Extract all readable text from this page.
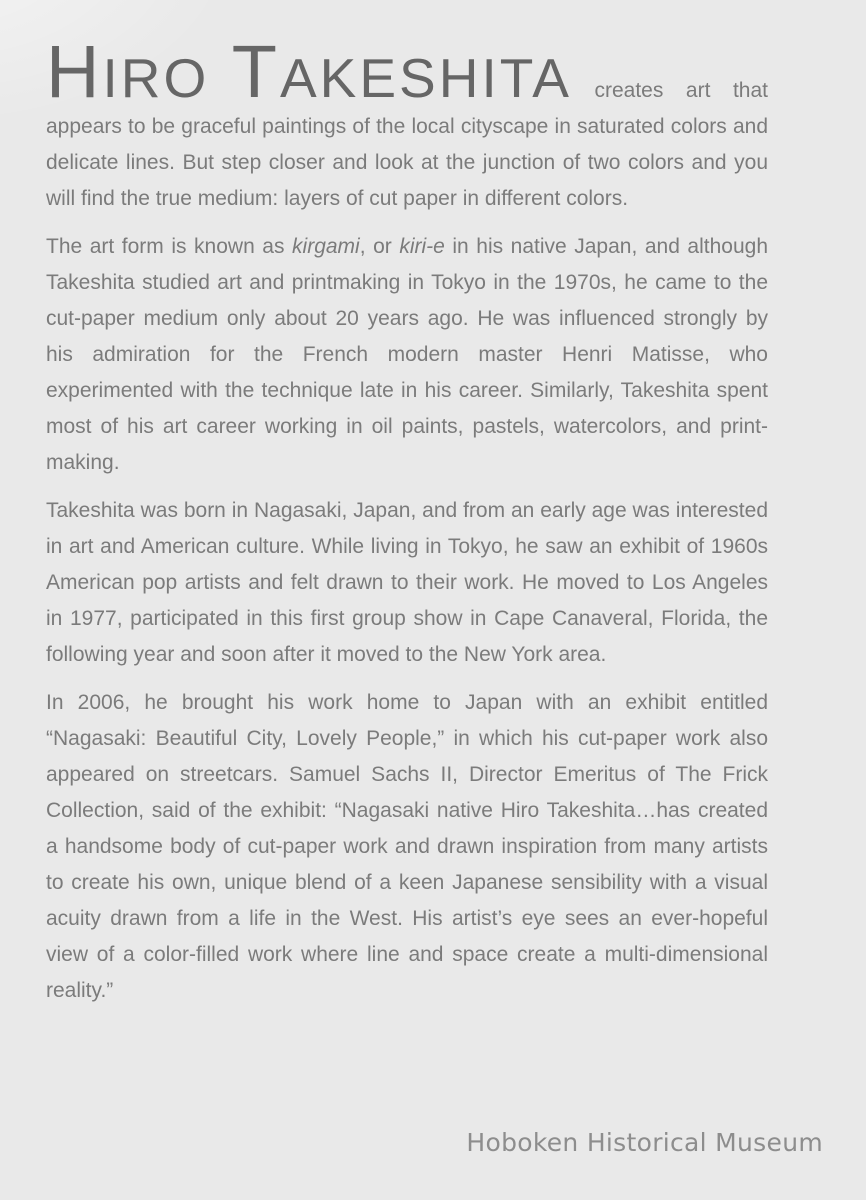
HIRO TAKESHITA creates art that appears to be graceful paintings of the local cityscape in saturated colors and delicate lines. But step closer and look at the junction of two colors and you will find the true medium: layers of cut paper in different colors.

The art form is known as kirgami, or kiri-e in his native Japan, and although Takeshita studied art and printmaking in Tokyo in the 1970s, he came to the cut-paper medium only about 20 years ago. He was influenced strongly by his admiration for the French modern master Henri Matisse, who experimented with the technique late in his career. Similarly, Takeshita spent most of his art career working in oil paints, pastels, watercolors, and print-making.

Takeshita was born in Nagasaki, Japan, and from an early age was interested in art and American culture. While living in Tokyo, he saw an exhibit of 1960s American pop artists and felt drawn to their work. He moved to Los Angeles in 1977, participated in this first group show in Cape Canaveral, Florida, the following year and soon after it moved to the New York area.

In 2006, he brought his work home to Japan with an exhibit entitled “Nagasaki: Beautiful City, Lovely People,” in which his cut-paper work also appeared on streetcars. Samuel Sachs II, Director Emeritus of The Frick Collection, said of the exhibit: “Nagasaki native Hiro Takeshita…has created a handsome body of cut-paper work and drawn inspiration from many artists to create his own, unique blend of a keen Japanese sensibility with a visual acuity drawn from a life in the West. His artist’s eye sees an ever-hopeful view of a color-filled work where line and space create a multi-dimensional reality.”

Hoboken Historical Museum
